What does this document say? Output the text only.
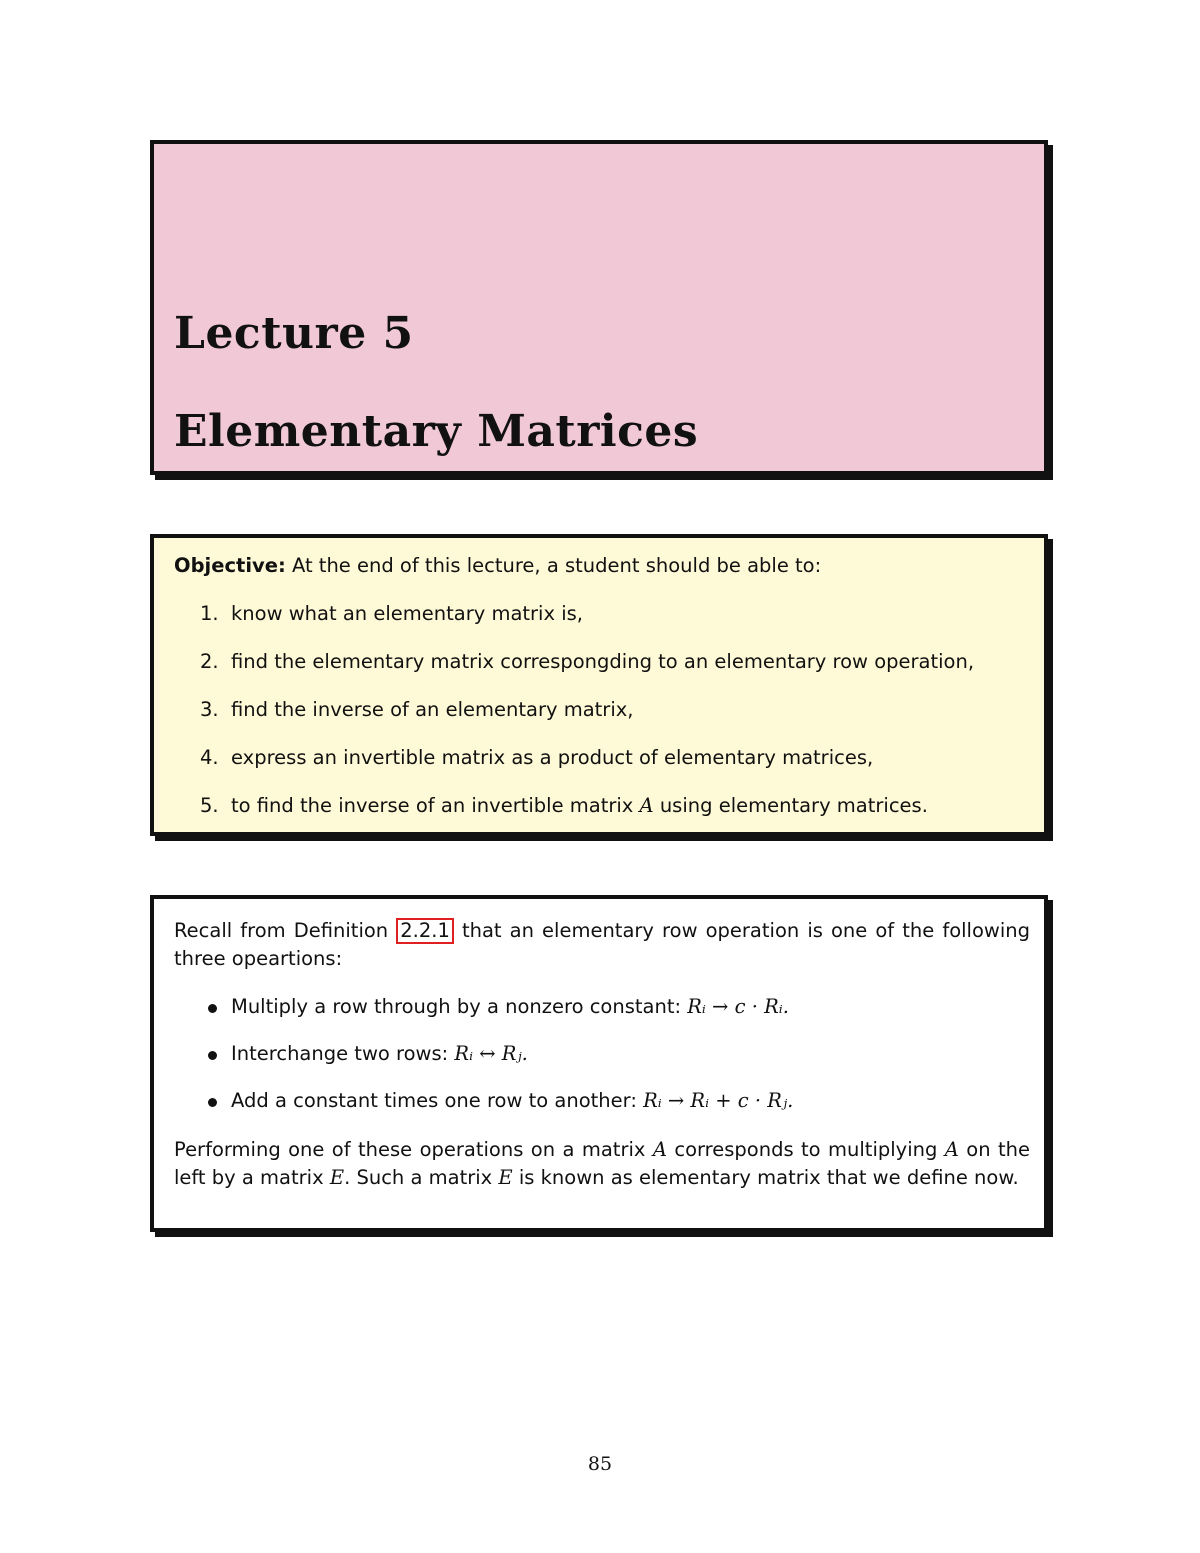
Lecture 5
Elementary Matrices
Objective: At the end of this lecture, a student should be able to:
1. know what an elementary matrix is,
2. find the elementary matrix correspongding to an elementary row operation,
3. find the inverse of an elementary matrix,
4. express an invertible matrix as a product of elementary matrices,
5. to find the inverse of an invertible matrix A using elementary matrices.
Recall from Definition 2.2.1 that an elementary row operation is one of the following three opeartions:
Multiply a row through by a nonzero constant: Rᵢ → c · Rᵢ.
Interchange two rows: Rᵢ ↔ Rⱼ.
Add a constant times one row to another: Rᵢ → Rᵢ + c · Rⱼ.
Performing one of these operations on a matrix A corresponds to multiplying A on the left by a matrix E. Such a matrix E is known as elementary matrix that we define now.
85
